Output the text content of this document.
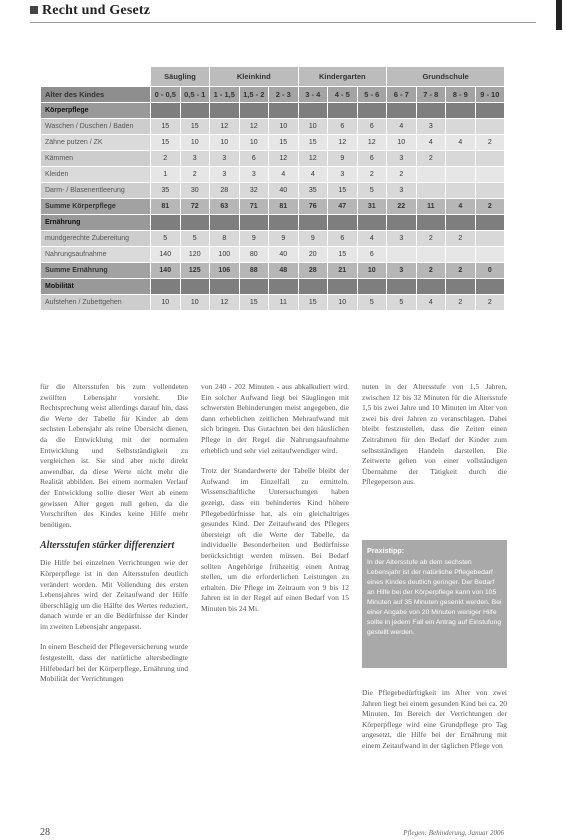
Recht und Gesetz
	Säugling		Kleinkind			Kindergarten			Grundschule			
Alter des Kindes	0 - 0,5	0,5 - 1	1 - 1,5	1,5 - 2	2 - 3	3 - 4	4 - 5	5 - 6	6 - 7	7 - 8	8 - 9	9 - 10
Körperpflege												
Waschen / Duschen / Baden	15	15	12	12	10	10	6	6	4	3		
Zähne putzen / ZK	15	10	10	10	15	15	12	12	10	4	4	2
Kämmen	2	3	3	6	12	12	9	6	3	2		
Kleiden	1	2	3	3	4	4	3	2	2			
Darm- / Blasenentleerung	35	30	28	32	40	35	15	5	3			
Summe Körperpflege	81	72	63	71	81	76	47	31	22	11	4	2
Ernährung												
mundgerechte Zubereitung	5	5	8	9	9	9	6	4	3	2	2	
Nahrungsaufnahme	140	120	100	80	40	20	15	6				
Summe Ernährung	140	125	106	88	48	28	21	10	3	2	2	0
Mobilität												
Aufstehen / Zubettgehen	10	10	12	15	11	15	10	5	5	4	2	2

für die Altersstufen bis zum vollendeten zwölften Lebensjahr vorsieht. Die Rechtsprechung weist allerdings darauf hin, dass die Werte der Tabelle für Kinder ab dem sechsten Lebensjahr als reine Übersicht dienen, da die Entwicklung mit der normalen Entwicklung und Selbstständigkeit zu vergleichen ist. Sie sind aber nicht direkt anwendbar, da diese Werte nicht mehr die Realität abbilden. Bei einem normalen Verlauf der Entwicklung sollte dieser Wert ab einem gewissen Alter gegen null gehen, da die Vorschriften des Kindes keine Hilfe mehr benötigen.

Altersstufen stärker differenziert

Die Hilfe bei einzelnen Verrichtungen wie der Körperpflege ist in den Altersstufen deutlich verändert worden. Mit Vollendung des ersten Lebensjahres wird der Zeitaufwand der Hilfe überschlägig um die Hälfte des Wertes reduziert, danach wurde er an die Bedürfnisse der Kinder im zweiten Lebensjahr angepasst.

In einem Bescheid der Pflegeversicherung wurde festgestellt, dass der natürliche altersbedingte Hilfebedarf bei der Körperpflege, Ernährung und Mobilität der Verrichtungen

von 240 - 202 Minuten - aus abkalkuliert wird. Ein solcher Aufwand liegt bei Säuglingen mit schwersten Behinderungen meist angegeben, die dann erheblichen zeitlichen Mehraufwand mit sich bringen. Das Gutachten bei den häuslichen Pflege in der Regel die Nahrungsaufnahme erheblich und sehr viel zeitaufwendiger wird.

Trotz der Standardwerte der Tabelle bleibt der Aufwand im Einzelfall zu ermitteln. Wissenschaftliche Untersuchungen haben gezeigt, dass ein behindertes Kind höhere Pflegebedürfnisse hat, als ein gleichaltriges gesundes Kind. Der Zeitaufwand des Pflegers übersteigt oft die Werte der Tabelle, da individuelle Besonderheiten und Bedürfnisse berücksichtigt werden müssen. Bei Bedarf sollten Angehörige frühzeitig einen Antrag stellen, um die erforderlichen Leistungen zu erhalten. Die Pflege im Zeitraum von 9 bis 12 Jahren ist in der Regel auf einen Bedarf von 15 Minuten bis 24 Mi.

nuten in der Altersstufe von 1,5 Jahren, zwischen 12 bis 32 Minuten für die Altersstufe 1,5 bis zwei Jahre und 10 Minuten im Alter von zwei bis drei Jahren zu veranschlagen. Dabei bleibt festzustellen, dass die Zeiten einen Zeitrahmen für den Bedarf der Kinder zum selbstständigen Handeln darstellen. Die Zeitwerte gehen von einer vollständigen Übernahme der Tätigkeit durch die Pflegeperson aus.

Praxistipp:
In der Altersstufe ab dem sechsten Lebensjahr ist der natürliche Pflegebedarf eines Kindes deutlich geringer. Der Bedarf an Hilfe bei der Körperpflege kann von 105 Minuten auf 35 Minuten gesenkt werden. Bei einer Angabe von 20 Minuten weniger Hilfe sollte in jedem Fall ein Antrag auf Einstufung gestellt werden.

Die Pflegebedürftigkeit im Alter von zwei Jahren liegt bei einem gesunden Kind bei ca. 20 Minuten. Im Bereich der Verrichtungen der Körperpflege wird eine Grundpflege pro Tag angesetzt, die Hilfe bei der Ernährung mit einem Zeitaufwand in der täglichen Pflege von

28	Pflegen: Behinderung, Januar 2006
